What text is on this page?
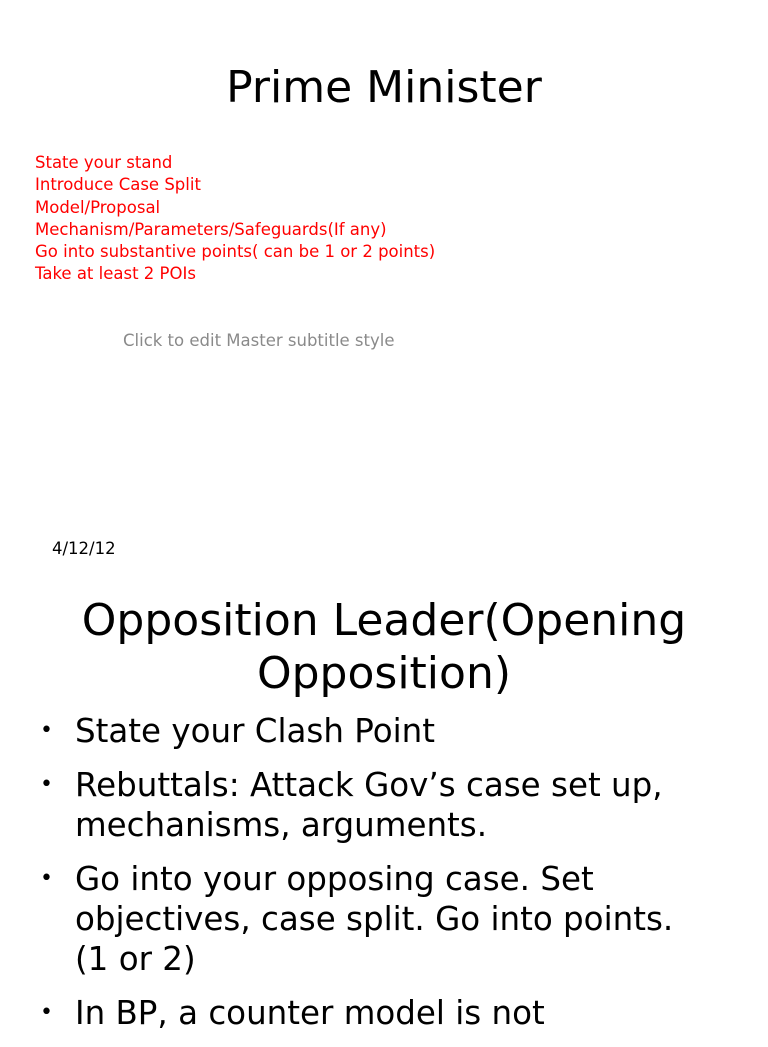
Prime Minister
State your stand
Introduce Case Split
Model/Proposal
Mechanism/Parameters/Safeguards(If any)
Go into substantive points( can be 1 or 2 points)
Take at least 2 POIs
Click to edit Master subtitle style
4/12/12
Opposition Leader(Opening
Opposition)
• State your Clash Point
• Rebuttals: Attack Gov’s case set up,
mechanisms, arguments.
• Go into your opposing case. Set
objectives, case split. Go into points.
(1 or 2)
• In BP, a counter model is not
